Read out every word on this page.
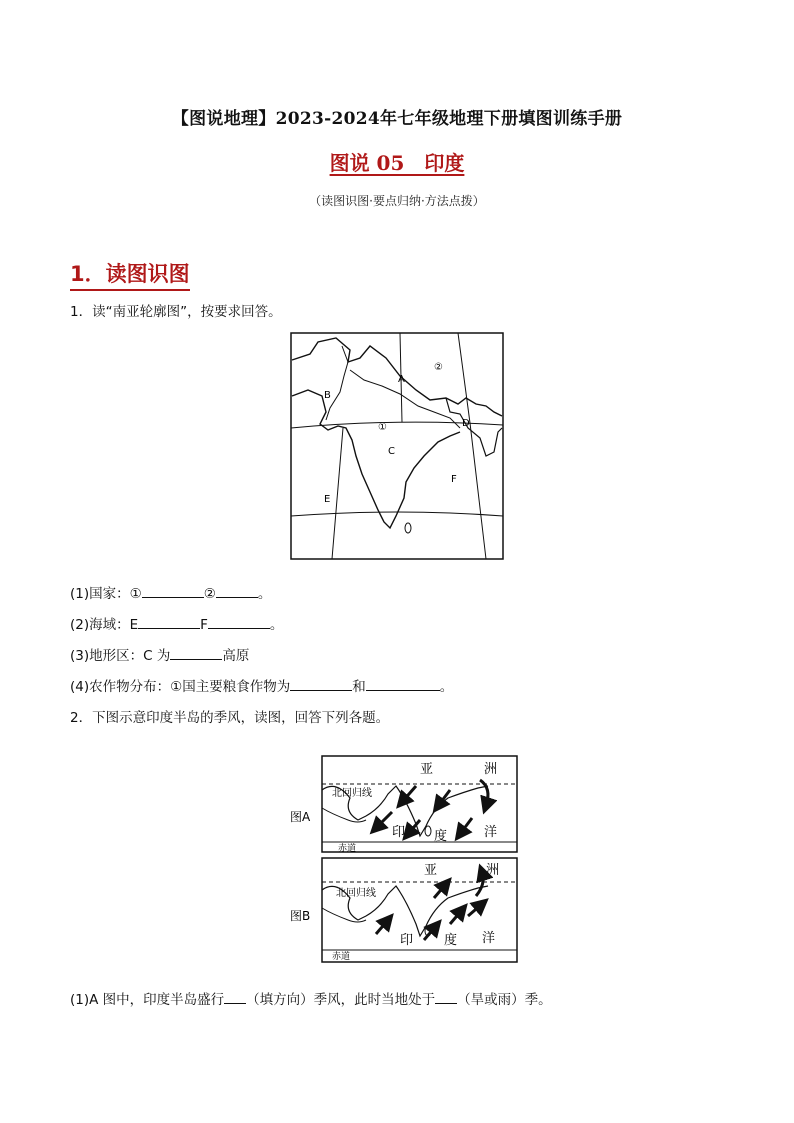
【图说地理】2023-2024年七年级地理下册填图训练手册
图说 05　印度
（读图识图·要点归纳·方法点拨）
1．读图识图
1．读“南亚轮廓图”，按要求回答。
A
②
B
①	D
C
F
E
(1)国家：①	②	。
(2)海域：E	F	。
(3)地形区：C 为	高原
(4)农作物分布：①国主要粮食作物为	和	。
2．下图示意印度半岛的季风，读图，回答下列各题。
图A
亚	洲
北回归线
印 度	洋
赤道
图B
亚	洲
北回归线
印 度 洋
赤道
(1)A 图中，印度半岛盛行 （填方向）季风，此时当地处于 （旱或雨）季。
